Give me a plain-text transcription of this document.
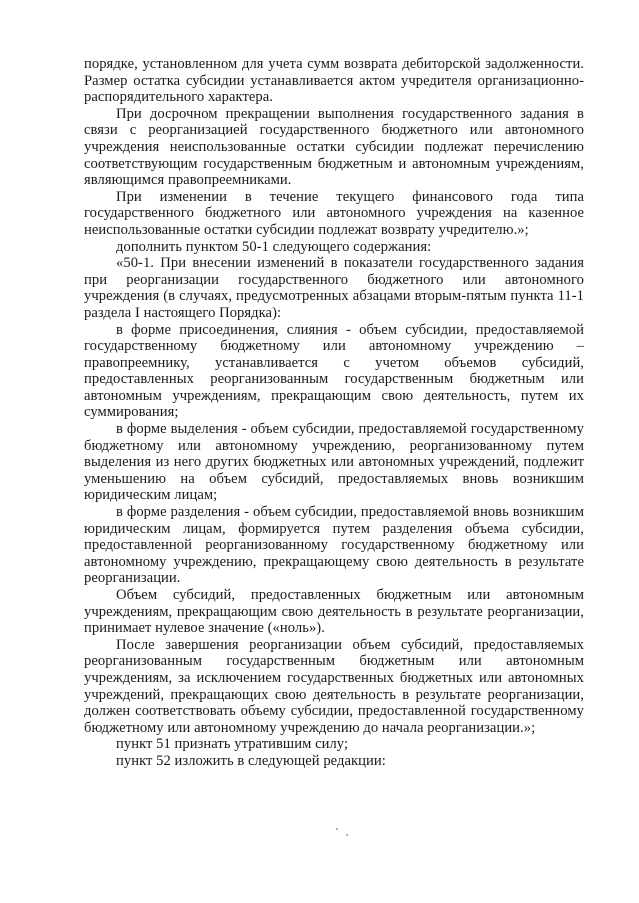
порядке, установленном для учета сумм возврата дебиторской задолженности. Размер остатка субсидии устанавливается актом учредителя организационно-распорядительного характера.

При досрочном прекращении выполнения государственного задания в связи с реорганизацией государственного бюджетного или автономного учреждения неиспользованные остатки субсидии подлежат перечислению соответствующим государственным бюджетным и автономным учреждениям, являющимся правопреемниками.

При изменении в течение текущего финансового года типа государственного бюджетного или автономного учреждения на казенное неиспользованные остатки субсидии подлежат возврату учредителю.»;

дополнить пунктом 50-1 следующего содержания:

«50-1. При внесении изменений в показатели государственного задания при реорганизации государственного бюджетного или автономного учреждения (в случаях, предусмотренных абзацами вторым-пятым пункта 11-1 раздела I настоящего Порядка):

в форме присоединения, слияния - объем субсидии, предоставляемой государственному бюджетному или автономному учреждению – правопреемнику, устанавливается с учетом объемов субсидий, предоставленных реорганизованным государственным бюджетным или автономным учреждениям, прекращающим свою деятельность, путем их суммирования;

в форме выделения - объем субсидии, предоставляемой государственному бюджетному или автономному учреждению, реорганизованному путем выделения из него других бюджетных или автономных учреждений, подлежит уменьшению на объем субсидий, предоставляемых вновь возникшим юридическим лицам;

в форме разделения - объем субсидии, предоставляемой вновь возникшим юридическим лицам, формируется путем разделения объема субсидии, предоставленной реорганизованному государственному бюджетному или автономному учреждению, прекращающему свою деятельность в результате реорганизации.

Объем субсидий, предоставленных бюджетным или автономным учреждениям, прекращающим свою деятельность в результате реорганизации, принимает нулевое значение («ноль»).

После завершения реорганизации объем субсидий, предоставляемых реорганизованным государственным бюджетным или автономным учреждениям, за исключением государственных бюджетных или автономных учреждений, прекращающих свою деятельность в результате реорганизации, должен соответствовать объему субсидии, предоставленной государственному бюджетному или автономному учреждению до начала реорганизации.»;

пункт 51 признать утратившим силу;

пункт 52 изложить в следующей редакции:
